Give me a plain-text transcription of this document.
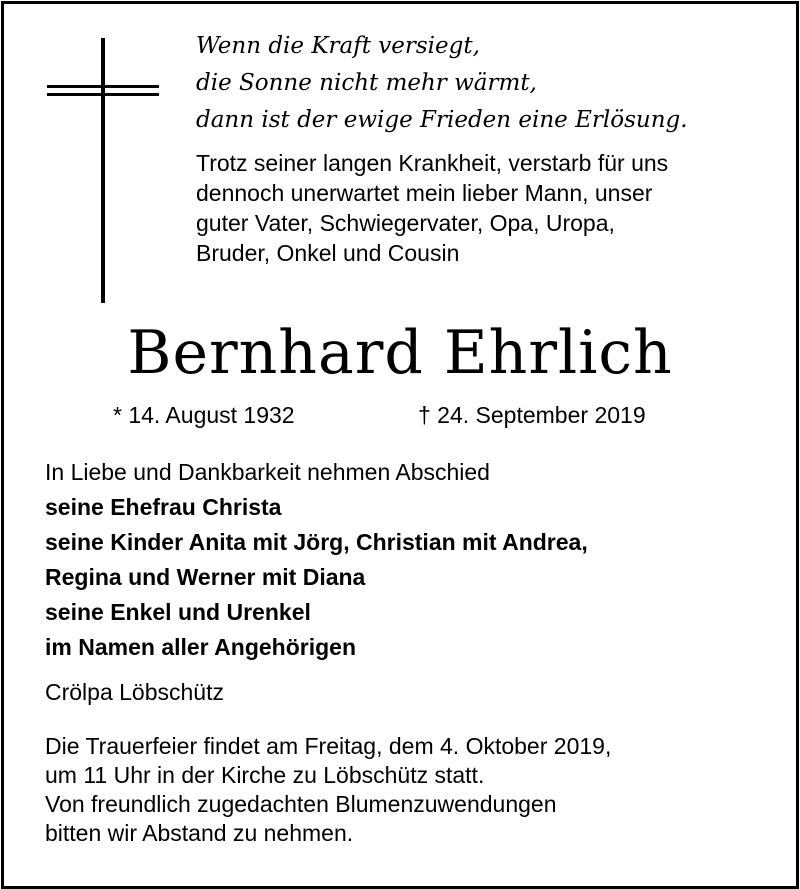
Wenn die Kraft versiegt,
die Sonne nicht mehr wärmt,
dann ist der ewige Frieden eine Erlösung.

Trotz seiner langen Krankheit, verstarb für uns
dennoch unerwartet mein lieber Mann, unser
guter Vater, Schwiegervater, Opa, Uropa,
Bruder, Onkel und Cousin

Bernhard Ehrlich
* 14. August 1932	† 24. September 2019
In Liebe und Dankbarkeit nehmen Abschied
seine Ehefrau Christa
seine Kinder Anita mit Jörg, Christian mit Andrea,
Regina und Werner mit Diana
seine Enkel und Urenkel
im Namen aller Angehörigen
Crölpa Löbschütz

Die Trauerfeier findet am Freitag, dem 4. Oktober 2019,
um 11 Uhr in der Kirche zu Löbschütz statt.
Von freundlich zugedachten Blumenzuwendungen
bitten wir Abstand zu nehmen.
